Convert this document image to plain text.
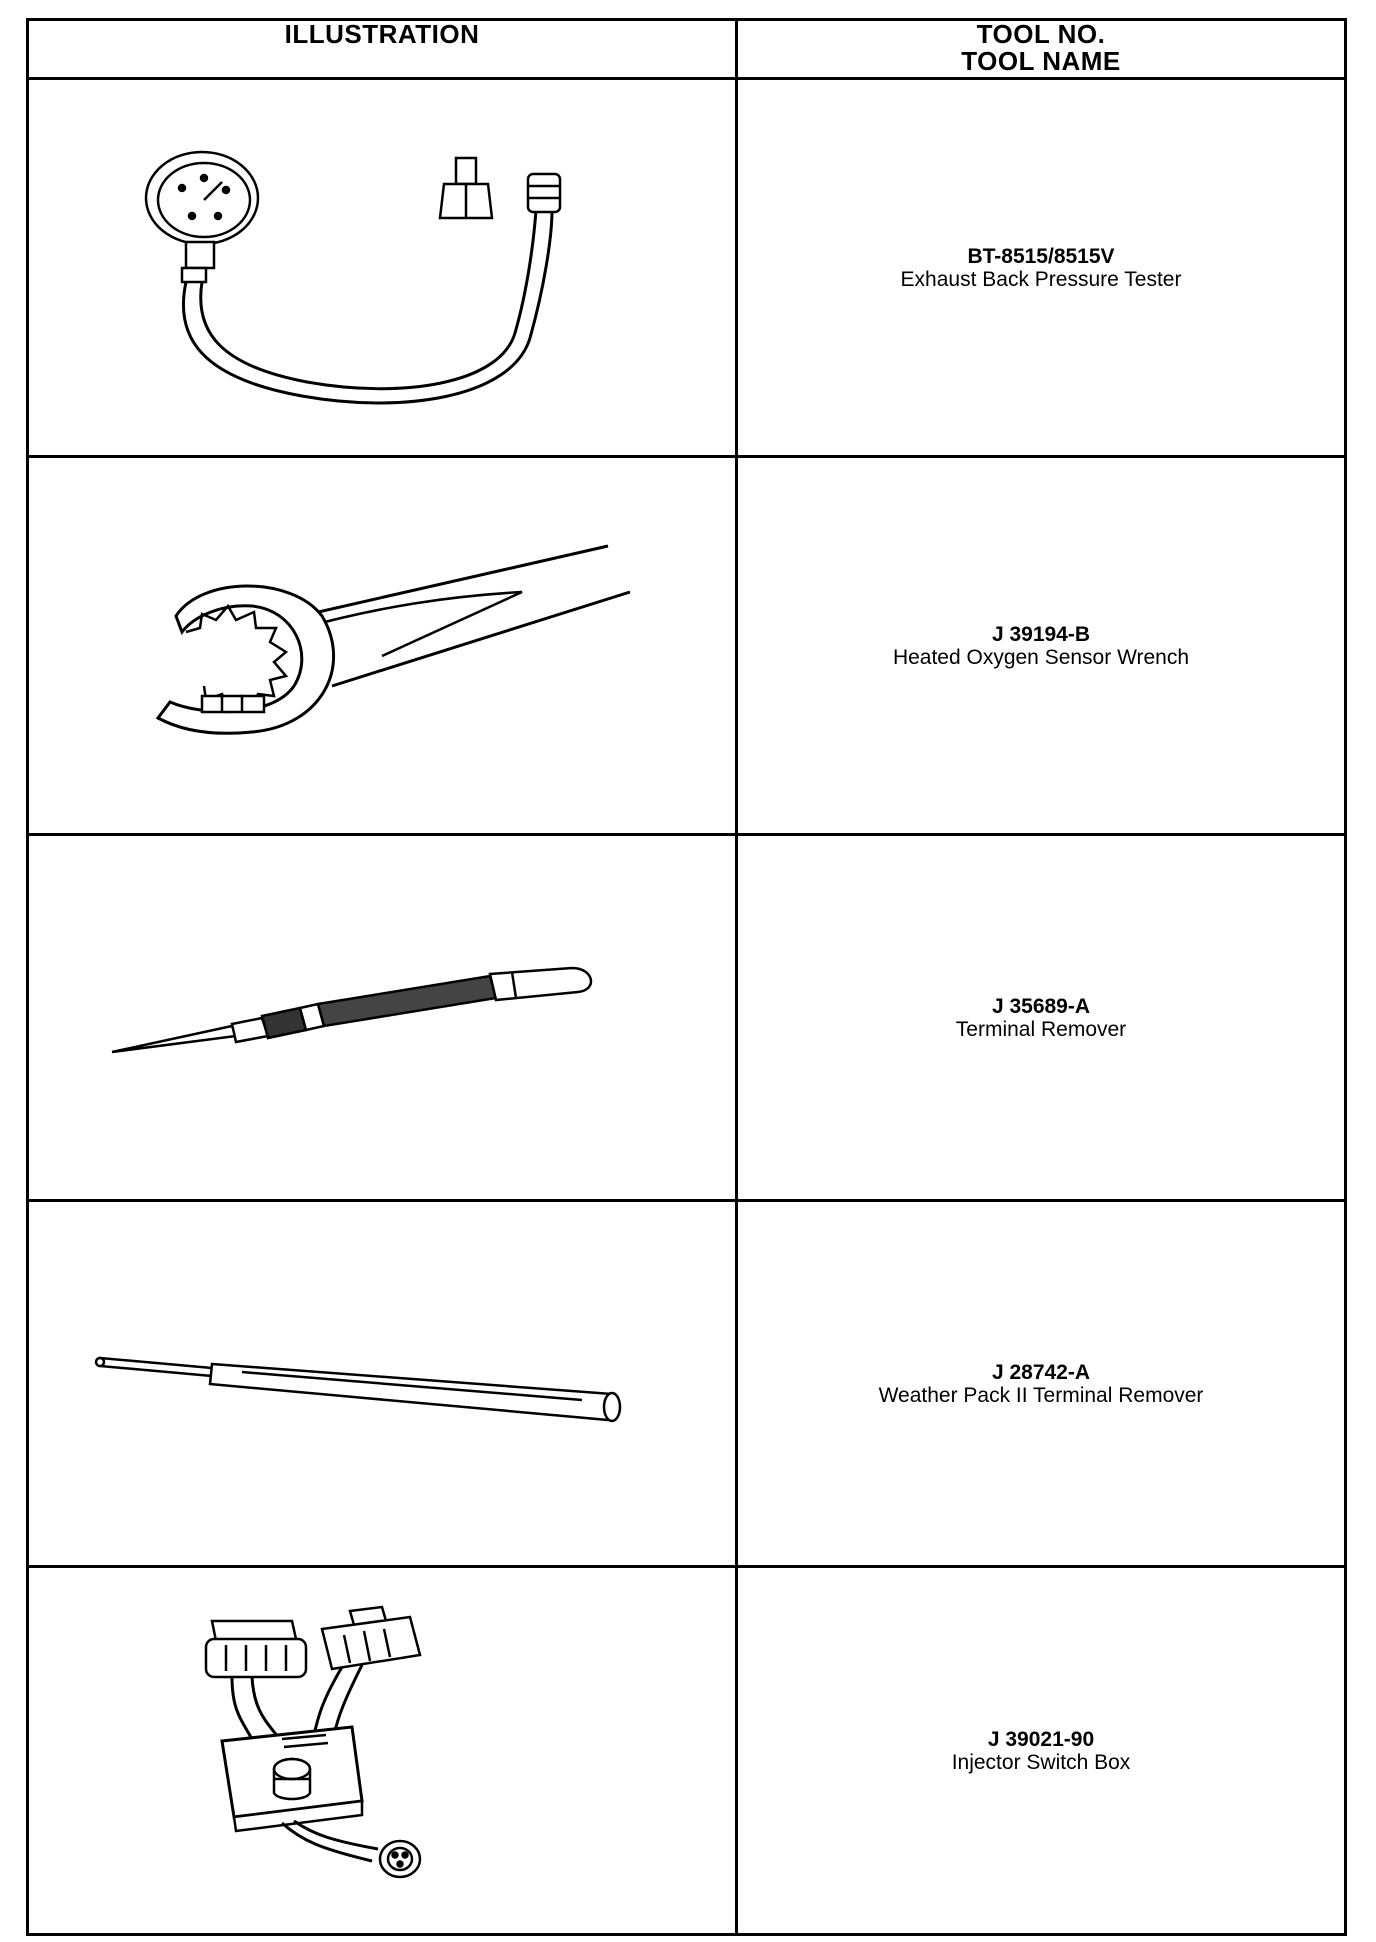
ILLUSTRATION	TOOL NO.
TOOL NAME

BT-8515/8515V
Exhaust Back Pressure Tester

J 39194-B
Heated Oxygen Sensor Wrench

J 35689-A
Terminal Remover

J 28742-A
Weather Pack II Terminal Remover

J 39021-90
Injector Switch Box
